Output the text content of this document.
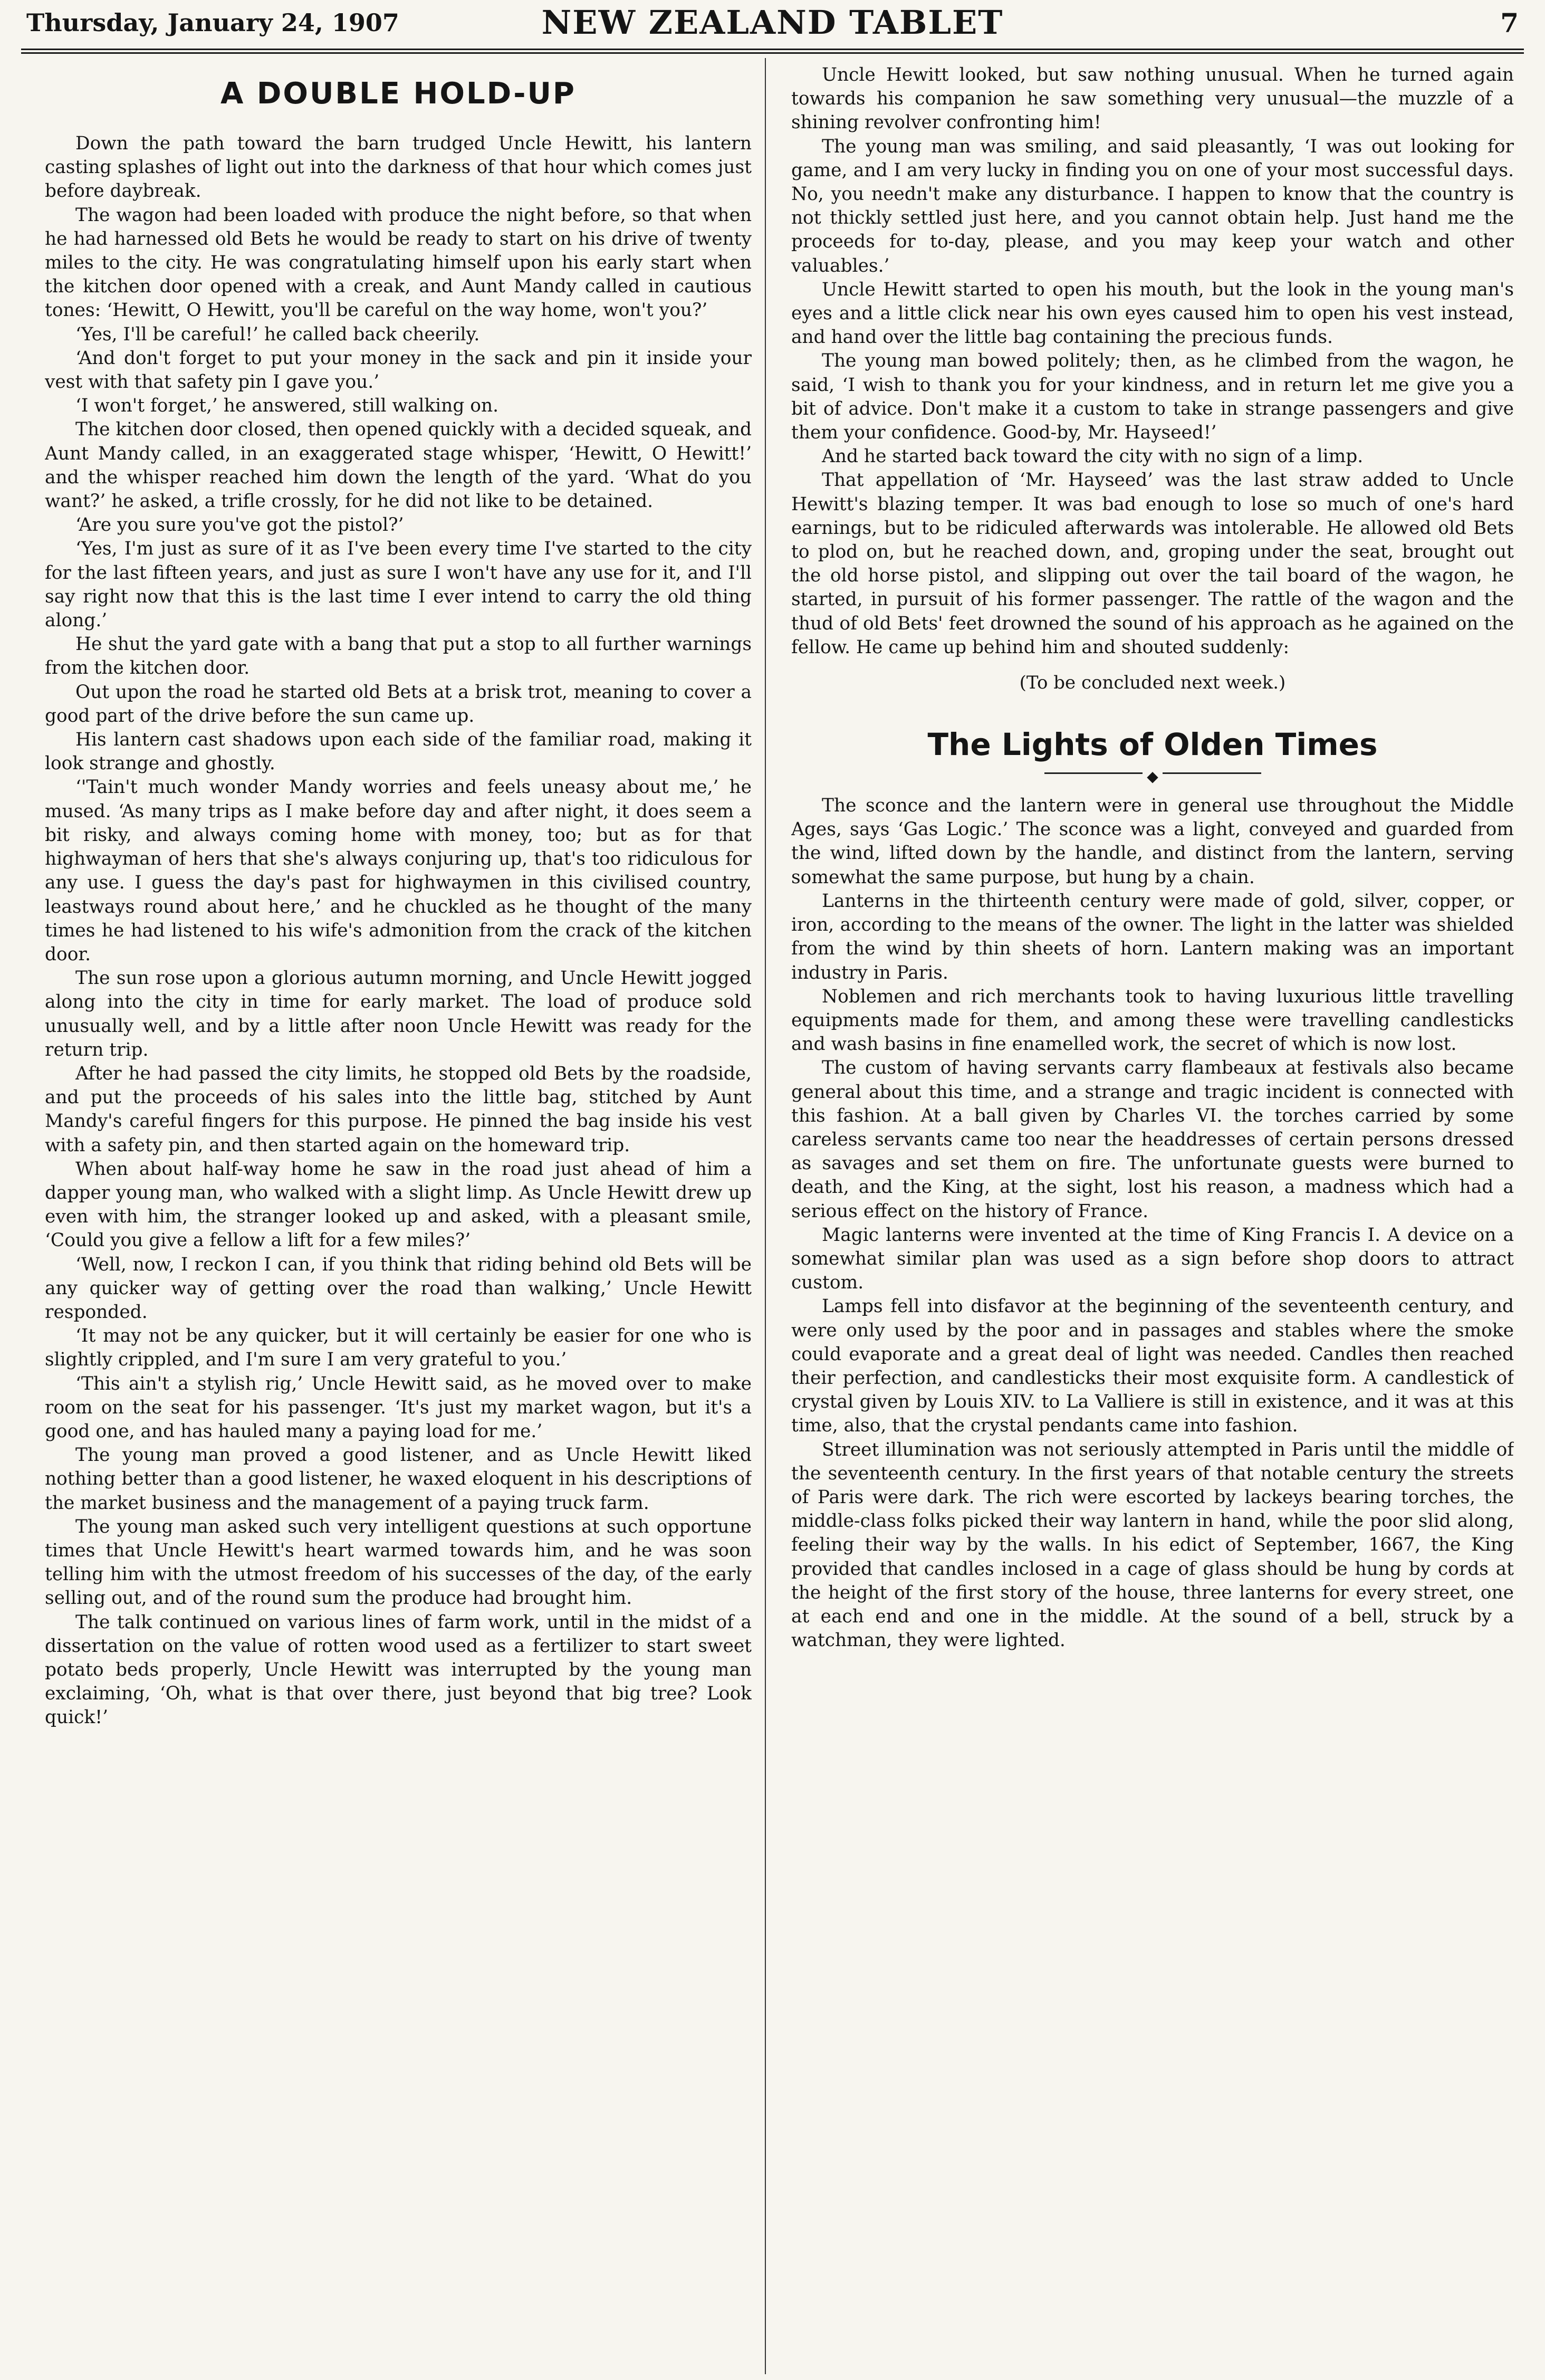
Thursday, January 24, 1907	NEW ZEALAND TABLET	7
A DOUBLE HOLD-UP

Down the path toward the barn trudged Uncle Hewitt, his lantern casting splashes of light out into the darkness of that hour which comes just before daybreak.

The wagon had been loaded with produce the night before, so that when he had harnessed old Bets he would be ready to start on his drive of twenty miles to the city. He was congratulating himself upon his early start when the kitchen door opened with a creak, and Aunt Mandy called in cautious tones: ‘Hewitt, O Hewitt, you'll be careful on the way home, won't you?’

‘Yes, I'll be careful!’ he called back cheerily.

‘And don't forget to put your money in the sack and pin it inside your vest with that safety pin I gave you.’

‘I won't forget,’ he answered, still walking on.

The kitchen door closed, then opened quickly with a decided squeak, and Aunt Mandy called, in an exaggerated stage whisper, ‘Hewitt, O Hewitt!’ and the whisper reached him down the length of the yard. ‘What do you want?’ he asked, a trifle crossly, for he did not like to be detained.

‘Are you sure you've got the pistol?’

‘Yes, I'm just as sure of it as I've been every time I've started to the city for the last fifteen years, and just as sure I won't have any use for it, and I'll say right now that this is the last time I ever intend to carry the old thing along.’

He shut the yard gate with a bang that put a stop to all further warnings from the kitchen door.

Out upon the road he started old Bets at a brisk trot, meaning to cover a good part of the drive before the sun came up.

His lantern cast shadows upon each side of the familiar road, making it look strange and ghostly.

‘'Tain't much wonder Mandy worries and feels uneasy about me,’ he mused. ‘As many trips as I make before day and after night, it does seem a bit risky, and always coming home with money, too; but as for that highwayman of hers that she's always conjuring up, that's too ridiculous for any use. I guess the day's past for highwaymen in this civilised country, leastways round about here,’ and he chuckled as he thought of the many times he had listened to his wife's admonition from the crack of the kitchen door.

The sun rose upon a glorious autumn morning, and Uncle Hewitt jogged along into the city in time for early market. The load of produce sold unusually well, and by a little after noon Uncle Hewitt was ready for the return trip.

After he had passed the city limits, he stopped old Bets by the roadside, and put the proceeds of his sales into the little bag, stitched by Aunt Mandy's careful fingers for this purpose. He pinned the bag inside his vest with a safety pin, and then started again on the homeward trip.

When about half-way home he saw in the road just ahead of him a dapper young man, who walked with a slight limp. As Uncle Hewitt drew up even with him, the stranger looked up and asked, with a pleasant smile, ‘Could you give a fellow a lift for a few miles?’

‘Well, now, I reckon I can, if you think that riding behind old Bets will be any quicker way of getting over the road than walking,’ Uncle Hewitt responded.

‘It may not be any quicker, but it will certainly be easier for one who is slightly crippled, and I'm sure I am very grateful to you.’

‘This ain't a stylish rig,’ Uncle Hewitt said, as he moved over to make room on the seat for his passenger. ‘It's just my market wagon, but it's a good one, and has hauled many a paying load for me.’

The young man proved a good listener, and as Uncle Hewitt liked nothing better than a good listener, he waxed eloquent in his descriptions of the market business and the management of a paying truck farm.

The young man asked such very intelligent questions at such opportune times that Uncle Hewitt's heart warmed towards him, and he was soon telling him with the utmost freedom of his successes of the day, of the early selling out, and of the round sum the produce had brought him.

The talk continued on various lines of farm work, until in the midst of a dissertation on the value of rotten wood used as a fertilizer to start sweet potato beds properly, Uncle Hewitt was interrupted by the young man exclaiming, ‘Oh, what is that over there, just beyond that big tree? Look quick!’

Uncle Hewitt looked, but saw nothing unusual. When he turned again towards his companion he saw something very unusual—the muzzle of a shining revolver confronting him!

The young man was smiling, and said pleasantly, ‘I was out looking for game, and I am very lucky in finding you on one of your most successful days. No, you needn't make any disturbance. I happen to know that the country is not thickly settled just here, and you cannot obtain help. Just hand me the proceeds for to-day, please, and you may keep your watch and other valuables.’

Uncle Hewitt started to open his mouth, but the look in the young man's eyes and a little click near his own eyes caused him to open his vest instead, and hand over the little bag containing the precious funds.

The young man bowed politely; then, as he climbed from the wagon, he said, ‘I wish to thank you for your kindness, and in return let me give you a bit of advice. Don't make it a custom to take in strange passengers and give them your confidence. Good-by, Mr. Hayseed!’

And he started back toward the city with no sign of a limp.

That appellation of ‘Mr. Hayseed’ was the last straw added to Uncle Hewitt's blazing temper. It was bad enough to lose so much of one's hard earnings, but to be ridiculed afterwards was intolerable. He allowed old Bets to plod on, but he reached down, and, groping under the seat, brought out the old horse pistol, and slipping out over the tail board of the wagon, he started, in pursuit of his former passenger. The rattle of the wagon and the thud of old Bets' feet drowned the sound of his approach as he agained on the fellow. He came up behind him and shouted suddenly:

(To be concluded next week.)
The Lights of Olden Times
◆

The sconce and the lantern were in general use throughout the Middle Ages, says ‘Gas Logic.’ The sconce was a light, conveyed and guarded from the wind, lifted down by the handle, and distinct from the lantern, serving somewhat the same purpose, but hung by a chain.

Lanterns in the thirteenth century were made of gold, silver, copper, or iron, according to the means of the owner. The light in the latter was shielded from the wind by thin sheets of horn. Lantern making was an important industry in Paris.

Noblemen and rich merchants took to having luxurious little travelling equipments made for them, and among these were travelling candlesticks and wash basins in fine enamelled work, the secret of which is now lost.

The custom of having servants carry flambeaux at festivals also became general about this time, and a strange and tragic incident is connected with this fashion. At a ball given by Charles VI. the torches carried by some careless servants came too near the headdresses of certain persons dressed as savages and set them on fire. The unfortunate guests were burned to death, and the King, at the sight, lost his reason, a madness which had a serious effect on the history of France.

Magic lanterns were invented at the time of King Francis I. A device on a somewhat similar plan was used as a sign before shop doors to attract custom.

Lamps fell into disfavor at the beginning of the seventeenth century, and were only used by the poor and in passages and stables where the smoke could evaporate and a great deal of light was needed. Candles then reached their perfection, and candlesticks their most exquisite form. A candlestick of crystal given by Louis XIV. to La Valliere is still in existence, and it was at this time, also, that the crystal pendants came into fashion.

Street illumination was not seriously attempted in Paris until the middle of the seventeenth century. In the first years of that notable century the streets of Paris were dark. The rich were escorted by lackeys bearing torches, the middle-class folks picked their way lantern in hand, while the poor slid along, feeling their way by the walls. In his edict of September, 1667, the King provided that candles inclosed in a cage of glass should be hung by cords at the height of the first story of the house, three lanterns for every street, one at each end and one in the middle. At the sound of a bell, struck by a watchman, they were lighted.
